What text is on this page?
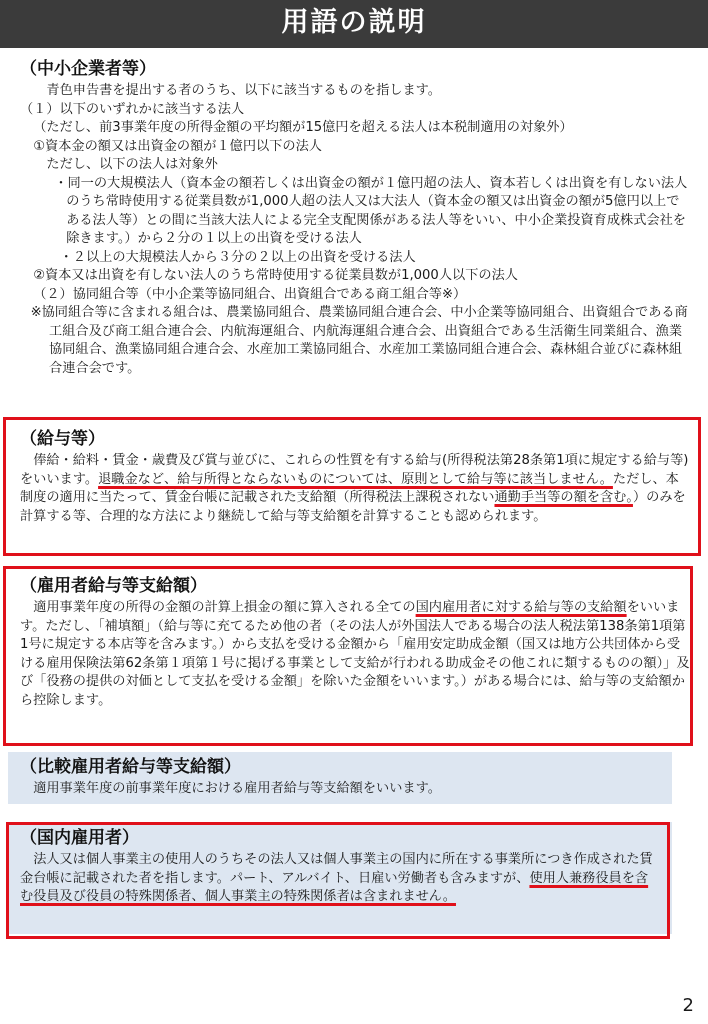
用語の説明
（中小企業者等）

青色申告書を提出する者のうち、以下に該当するものを指します。

（１）以下のいずれかに該当する法人

（ただし、前3事業年度の所得金額の平均額が15億円を超える法人は本税制適用の対象外）

①資本金の額又は出資金の額が１億円以下の法人

ただし、以下の法人は対象外

・同一の大規模法人（資本金の額若しくは出資金の額が１億円超の法人、資本若しくは出資を有しない法人のうち常時使用する従業員数が1,000人超の法人又は大法人（資本金の額又は出資金の額が5億円以上である法人等）との間に当該大法人による完全支配関係がある法人等をいい、中小企業投資育成株式会社を除きます。）から２分の１以上の出資を受ける法人

・２以上の大規模法人から３分の２以上の出資を受ける法人

②資本又は出資を有しない法人のうち常時使用する従業員数が1,000人以下の法人

（２）協同組合等（中小企業等協同組合、出資組合である商工組合等※）

※協同組合等に含まれる組合は、農業協同組合、農業協同組合連合会、中小企業等協同組合、出資組合である商工組合及び商工組合連合会、内航海運組合、内航海運組合連合会、出資組合である生活衛生同業組合、漁業協同組合、漁業協同組合連合会、水産加工業協同組合、水産加工業協同組合連合会、森林組合並びに森林組合連合会です。

（給与等）

俸給・給料・賃金・歳費及び賞与並びに、これらの性質を有する給与(所得税法第28条第1項に規定する給与等)をいいます。退職金など、給与所得とならないものについては、原則として給与等に該当しません。ただし、本制度の適用に当たって、賃金台帳に記載された支給額（所得税法上課税されない通勤手当等の額を含む。）のみを計算する等、合理的な方法により継続して給与等支給額を計算することも認められます。

（雇用者給与等支給額）

適用事業年度の所得の金額の計算上損金の額に算入される全ての国内雇用者に対する給与等の支給額をいいます。ただし、「補填額」（給与等に充てるため他の者（その法人が外国法人である場合の法人税法第138条第1項第1号に規定する本店等を含みます。）から支払を受ける金額から「雇用安定助成金額（国又は地方公共団体から受ける雇用保険法第62条第１項第１号に掲げる事業として支給が行われる助成金その他これに類するものの額）」及び「役務の提供の対価として支払を受ける金額」を除いた金額をいいます。）がある場合には、給与等の支給額から控除します。

（比較雇用者給与等支給額）

適用事業年度の前事業年度における雇用者給与等支給額をいいます。

（国内雇用者）

法人又は個人事業主の使用人のうちその法人又は個人事業主の国内に所在する事業所につき作成された賃金台帳に記載された者を指します。パート、アルバイト、日雇い労働者も含みますが、使用人兼務役員を含む役員及び役員の特殊関係者、個人事業主の特殊関係者は含まれません。

2
